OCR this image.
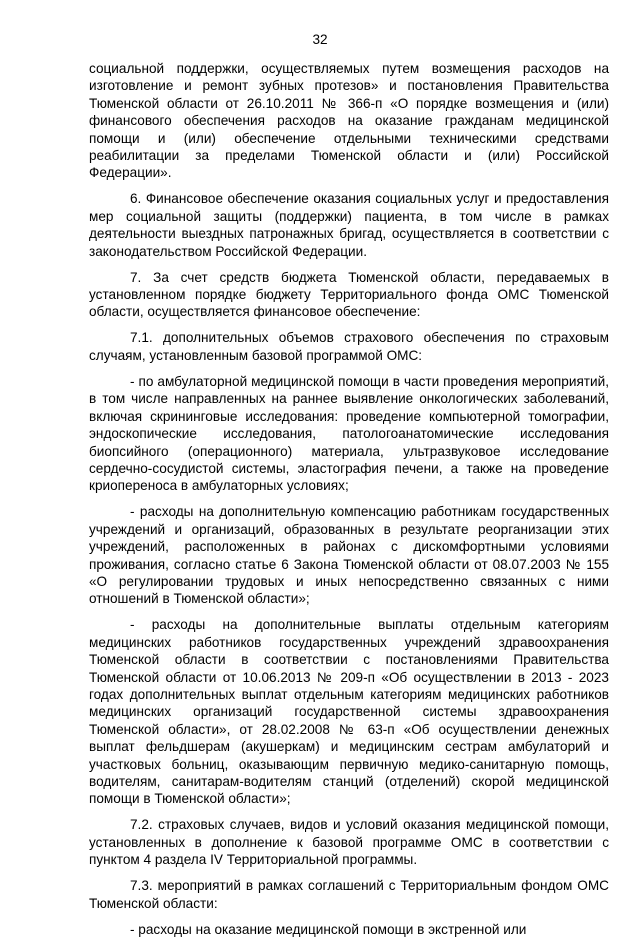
32

социальной поддержки, осуществляемых путем возмещения расходов на изготовление и ремонт зубных протезов» и постановления Правительства Тюменской области от 26.10.2011 № 366-п «О порядке возмещения и (или) финансового обеспечения расходов на оказание гражданам медицинской помощи и (или) обеспечение отдельными техническими средствами реабилитации за пределами Тюменской области и (или) Российской Федерации».

6. Финансовое обеспечение оказания социальных услуг и предоставления мер социальной защиты (поддержки) пациента, в том числе в рамках деятельности выездных патронажных бригад, осуществляется в соответствии с законодательством Российской Федерации.

7. За счет средств бюджета Тюменской области, передаваемых в установленном порядке бюджету Территориального фонда ОМС Тюменской области, осуществляется финансовое обеспечение:

7.1. дополнительных объемов страхового обеспечения по страховым случаям, установленным базовой программой ОМС:

- по амбулаторной медицинской помощи в части проведения мероприятий, в том числе направленных на раннее выявление онкологических заболеваний, включая скрининговые исследования: проведение компьютерной томографии, эндоскопические исследования, патологоанатомические исследования биопсийного (операционного) материала, ультразвуковое исследование сердечно-сосудистой системы, эластография печени, а также на проведение криопереноса в амбулаторных условиях;

- расходы на дополнительную компенсацию работникам государственных учреждений и организаций, образованных в результате реорганизации этих учреждений, расположенных в районах с дискомфортными условиями проживания, согласно статье 6 Закона Тюменской области от 08.07.2003 № 155 «О регулировании трудовых и иных непосредственно связанных с ними отношений в Тюменской области»;

- расходы на дополнительные выплаты отдельным категориям медицинских работников государственных учреждений здравоохранения Тюменской области в соответствии с постановлениями Правительства Тюменской области от 10.06.2013 № 209-п «Об осуществлении в 2013 - 2023 годах дополнительных выплат отдельным категориям медицинских работников медицинских организаций государственной системы здравоохранения Тюменской области», от 28.02.2008 № 63-п «Об осуществлении денежных выплат фельдшерам (акушеркам) и медицинским сестрам амбулаторий и участковых больниц, оказывающим первичную медико-санитарную помощь, водителям, санитарам-водителям станций (отделений) скорой медицинской помощи в Тюменской области»;

7.2. страховых случаев, видов и условий оказания медицинской помощи, установленных в дополнение к базовой программе ОМС в соответствии с пунктом 4 раздела IV Территориальной программы.

7.3. мероприятий в рамках соглашений с Территориальным фондом ОМС Тюменской области:

- расходы на оказание медицинской помощи в экстренной или
